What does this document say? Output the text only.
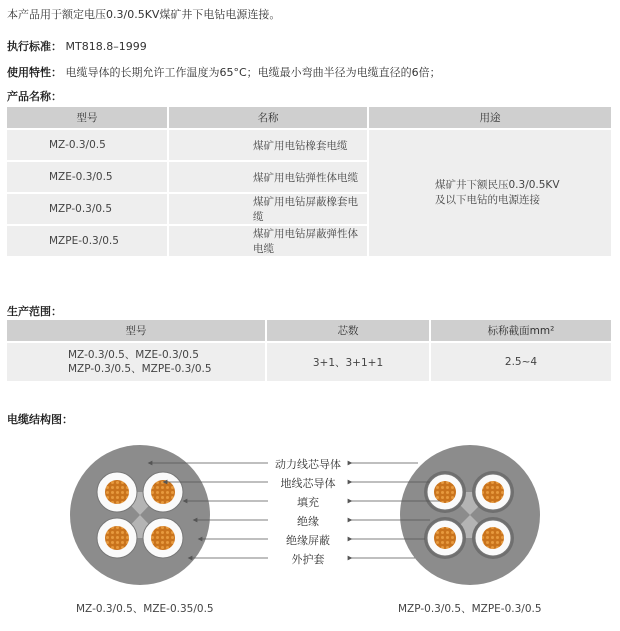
本产品用于额定电压0.3/0.5KV煤矿井下电钻电源连接。
执行标准： MT818.8–1999
使用特性： 电缆导体的长期允许工作温度为65°C；电缆最小弯曲半径为电缆直径的6倍；
产品名称：
型号	名称	用途
MZ-0.3/0.5	煤矿用电钻橡套电缆	煤矿井下额民压0.3/0.5KV
及以下电钻的电源连接

MZE-0.3/0.5	煤矿用电钻弹性体电缆	
MZP-0.3/0.5	煤矿用电钻屏蔽橡套电缆	
MZPE-0.3/0.5	煤矿用电钻屏蔽弹性体电缆	
生产范围：
型号	芯数	标称截面mm²

MZ-0.3/0.5、MZE-0.3/0.5
MZP-0.3/0.5、MZPE-0.3/0.5	3+1、3+1+1	2.5~4
电缆结构图：
动力线芯导体
地线芯导体
填充
绝缘
绝缘屏蔽
外护套
MZ-0.3/0.5、MZE-0.35/0.5	MZP-0.3/0.5、MZPE-0.3/0.5
